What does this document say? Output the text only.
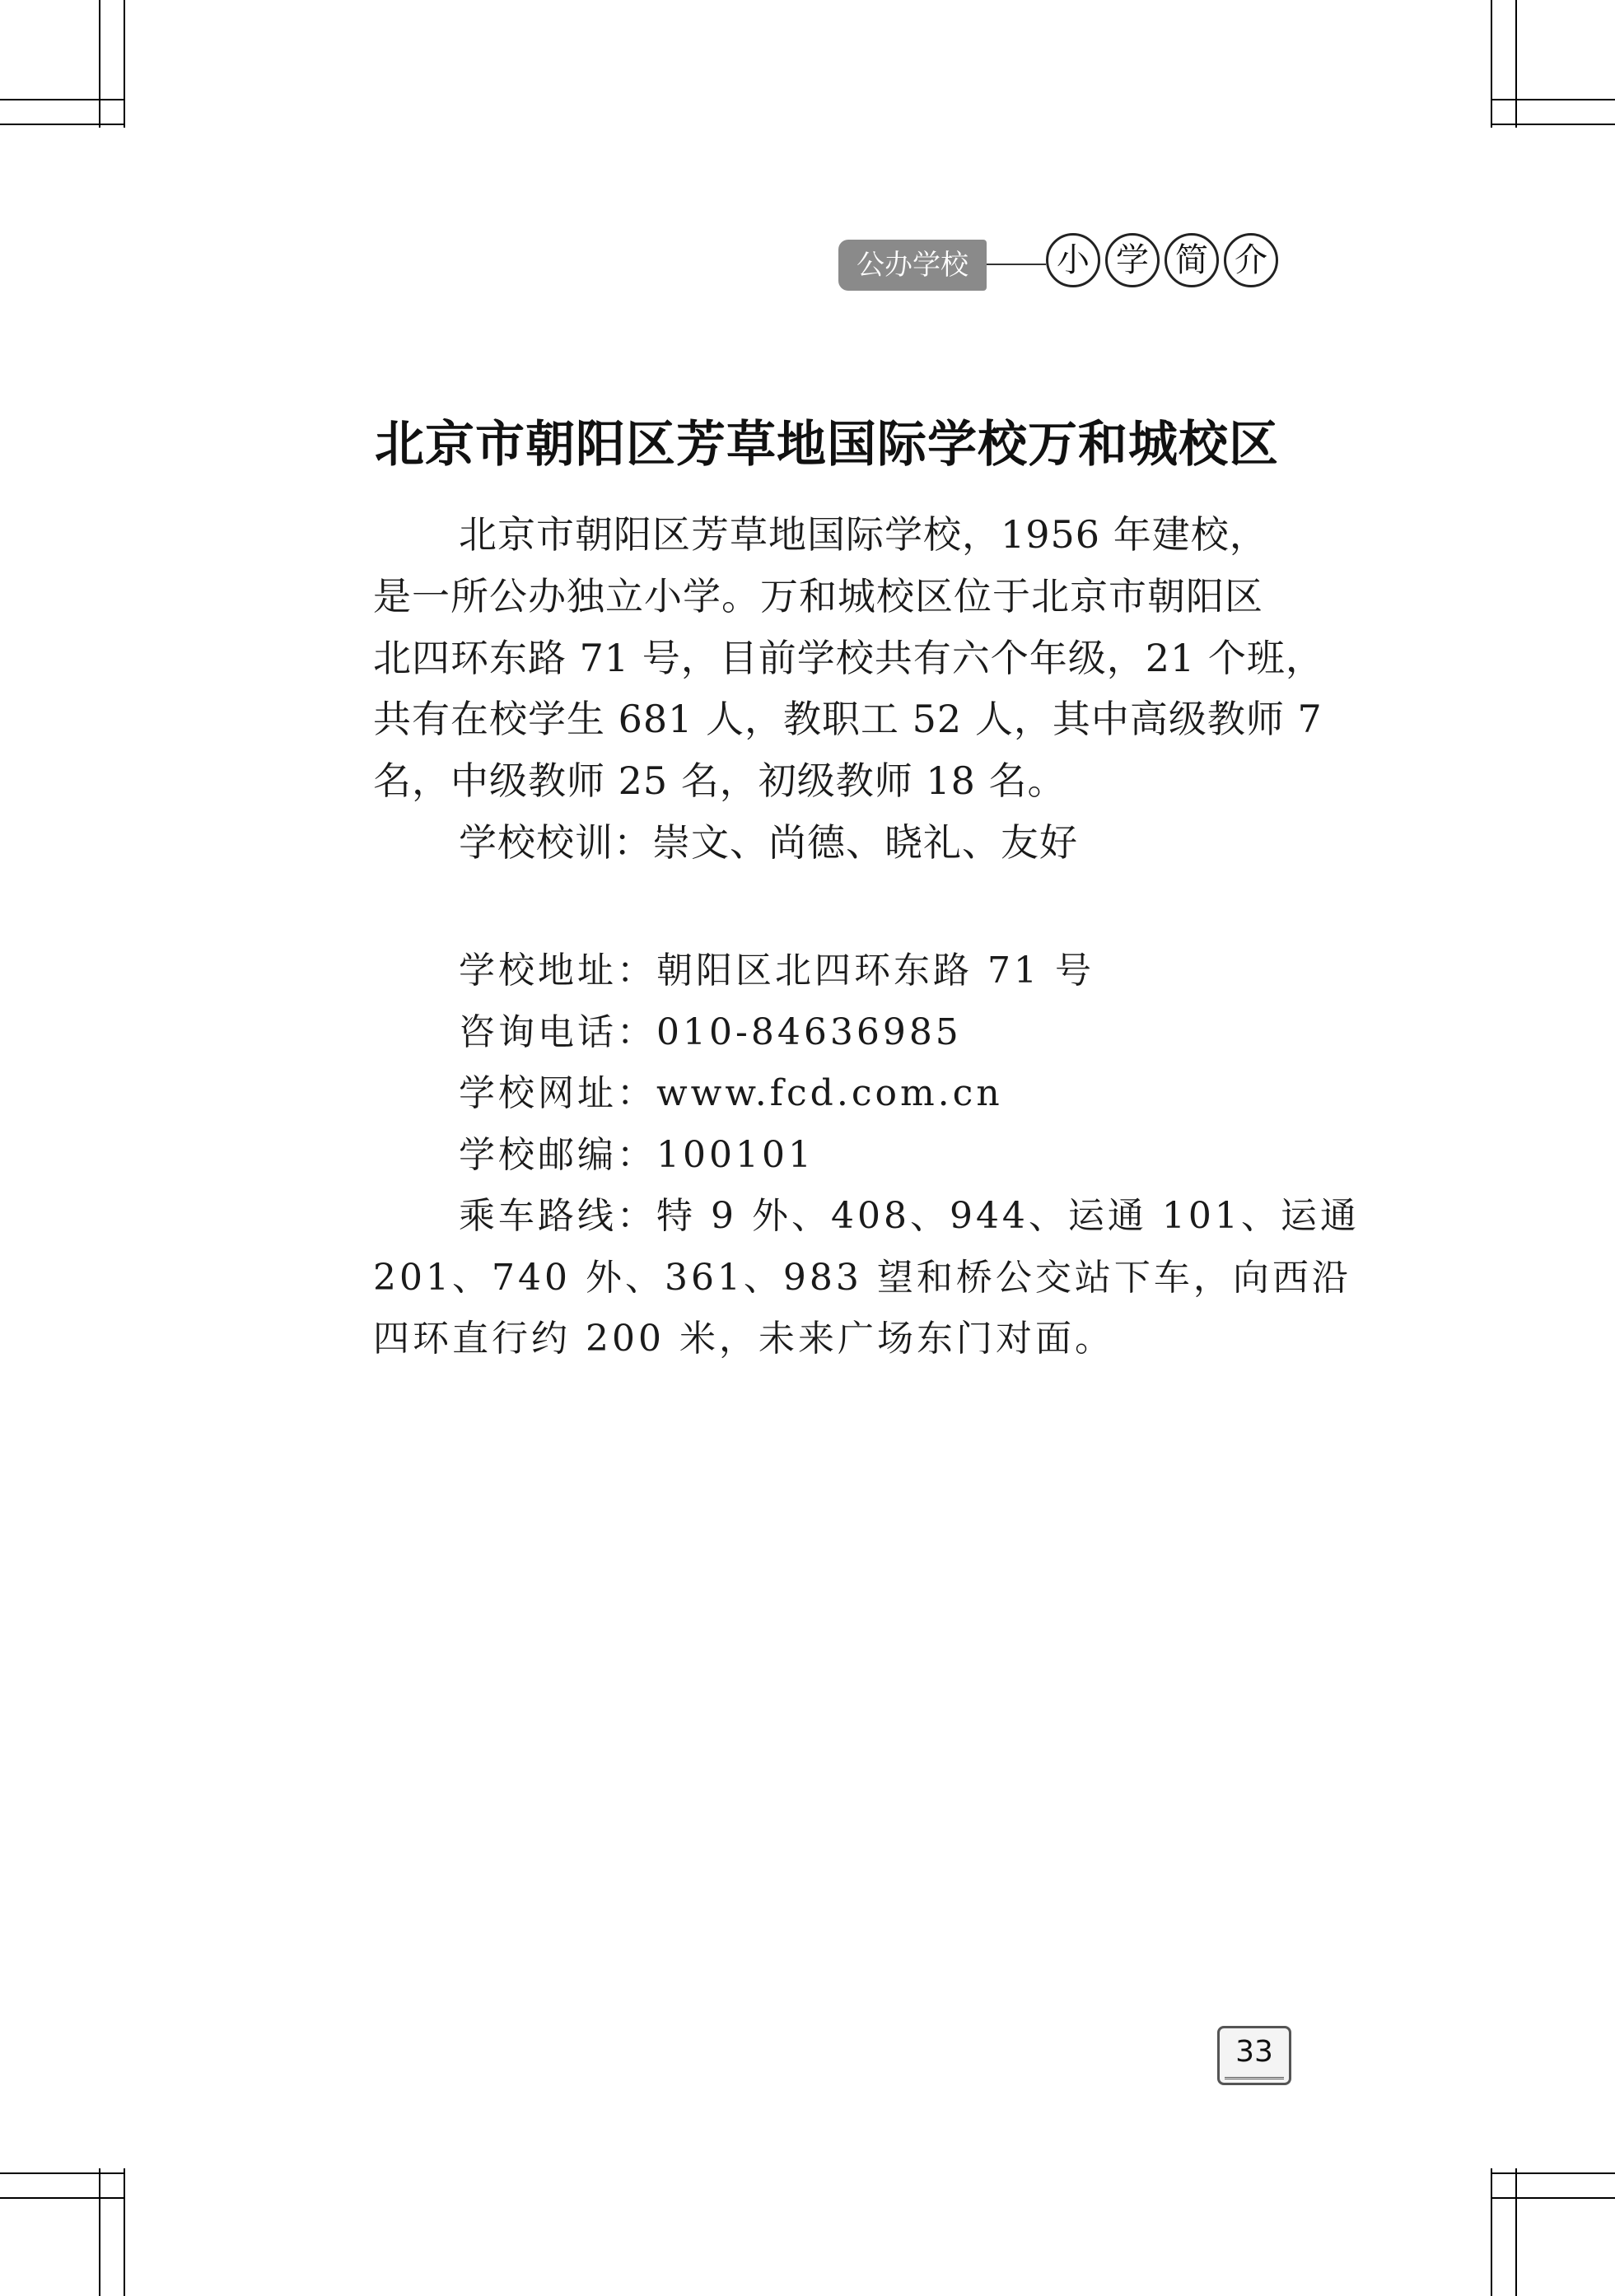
公办学校	小 学 简 介
北京市朝阳区芳草地国际学校万和城校区
北京市朝阳区芳草地国际学校，1956 年建校，
是一所公办独立小学。万和城校区位于北京市朝阳区
北四环东路 71 号，目前学校共有六个年级，21 个班，
共有在校学生 681 人，教职工 52 人，其中高级教师 7
名，中级教师 25 名，初级教师 18 名。
学校校训：崇文、尚德、晓礼、友好
学校地址：朝阳区北四环东路 71 号
咨询电话：010-84636985
学校网址：www.fcd.com.cn
学校邮编：100101
乘车路线：特 9 外、408、944、运通 101、运通
201、740 外、361、983 望和桥公交站下车，向西沿
四环直行约 200 米，未来广场东门对面。
33
